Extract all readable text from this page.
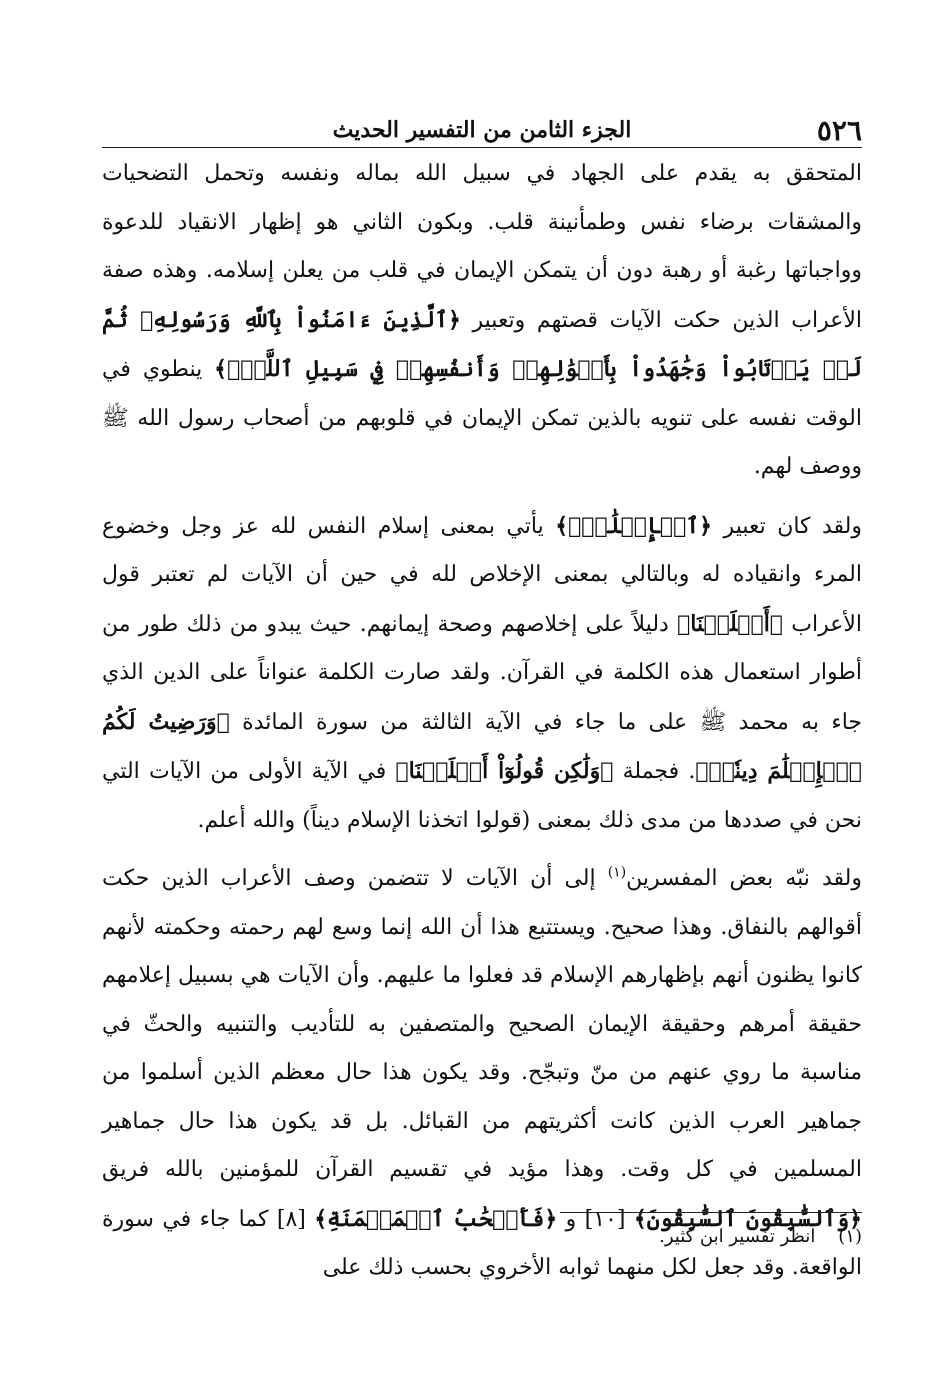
٥٢٦
الجزء الثامن من التفسير الحديث

المتحقق به يقدم على الجهاد في سبيل الله بماله ونفسه وتحمل التضحيات والمشقات برضاء نفس وطمأنينة قلب. وبكون الثاني هو إظهار الانقياد للدعوة وواجباتها رغبة أو رهبة دون أن يتمكن الإيمان في قلب من يعلن إسلامه. وهذه صفة الأعراب الذين حكت الآيات قصتهم وتعبير ﴿ٱلَّذِينَ ءَامَنُواْ بِٱللَّهِ وَرَسُولِهِۦ ثُمَّ لَمۡ يَرۡتَابُواْ وَجَٰهَدُواْ بِأَمۡوَٰلِهِمۡ وَأَنفُسِهِمۡ فِي سَبِيلِ ٱللَّهِۚ﴾ ينطوي في الوقت نفسه على تنويه بالذين تمكن الإيمان في قلوبهم من أصحاب رسول الله ﷺ ووصف لهم.

ولقد كان تعبير ﴿ٱلۡإِسۡلَٰمُۚ﴾ يأتي بمعنى إسلام النفس لله عز وجل وخضوع المرء وانقياده له وبالتالي بمعنى الإخلاص لله في حين أن الآيات لم تعتبر قول الأعراب ﴿أَسۡلَمۡنَا﴾ دليلاً على إخلاصهم وصحة إيمانهم. حيث يبدو من ذلك طور من أطوار استعمال هذه الكلمة في القرآن. ولقد صارت الكلمة عنواناً على الدين الذي جاء به محمد ﷺ على ما جاء في الآية الثالثة من سورة المائدة ﴿وَرَضِيتُ لَكُمُ ٱلۡإِسۡلَٰمَ دِينٗاۚ﴾. فجملة ﴿وَلَٰكِن قُولُوٓاْ أَسۡلَمۡنَا﴾ في الآية الأولى من الآيات التي نحن في صددها من مدى ذلك بمعنى (قولوا اتخذنا الإسلام ديناً) والله أعلم.

ولقد نبّه بعض المفسرين$^{(١)}$ إلى أن الآيات لا تتضمن وصف الأعراب الذين حكت أقوالهم بالنفاق. وهذا صحيح. ويستتبع هذا أن الله إنما وسع لهم رحمته وحكمته لأنهم كانوا يظنون أنهم بإظهارهم الإسلام قد فعلوا ما عليهم. وأن الآيات هي بسبيل إعلامهم حقيقة أمرهم وحقيقة الإيمان الصحيح والمتصفين به للتأديب والتنبيه والحثّ في مناسبة ما روي عنهم من منّ وتبجّح. وقد يكون هذا حال معظم الذين أسلموا من جماهير العرب الذين كانت أكثريتهم من القبائل. بل قد يكون هذا حال جماهير المسلمين في كل وقت. وهذا مؤيد في تقسيم القرآن للمؤمنين بالله فريق ﴿وَٱلسَّٰبِقُونَ ٱلسَّٰبِقُونَ﴾ [١٠] و ﴿فَأَصۡحَٰبُ ٱلۡمَيۡمَنَةِ﴾ [٨] كما جاء في سورة الواقعة. وقد جعل لكل منهما ثوابه الأخروي بحسب ذلك على

(١)    انظر تفسير ابن كثير.
